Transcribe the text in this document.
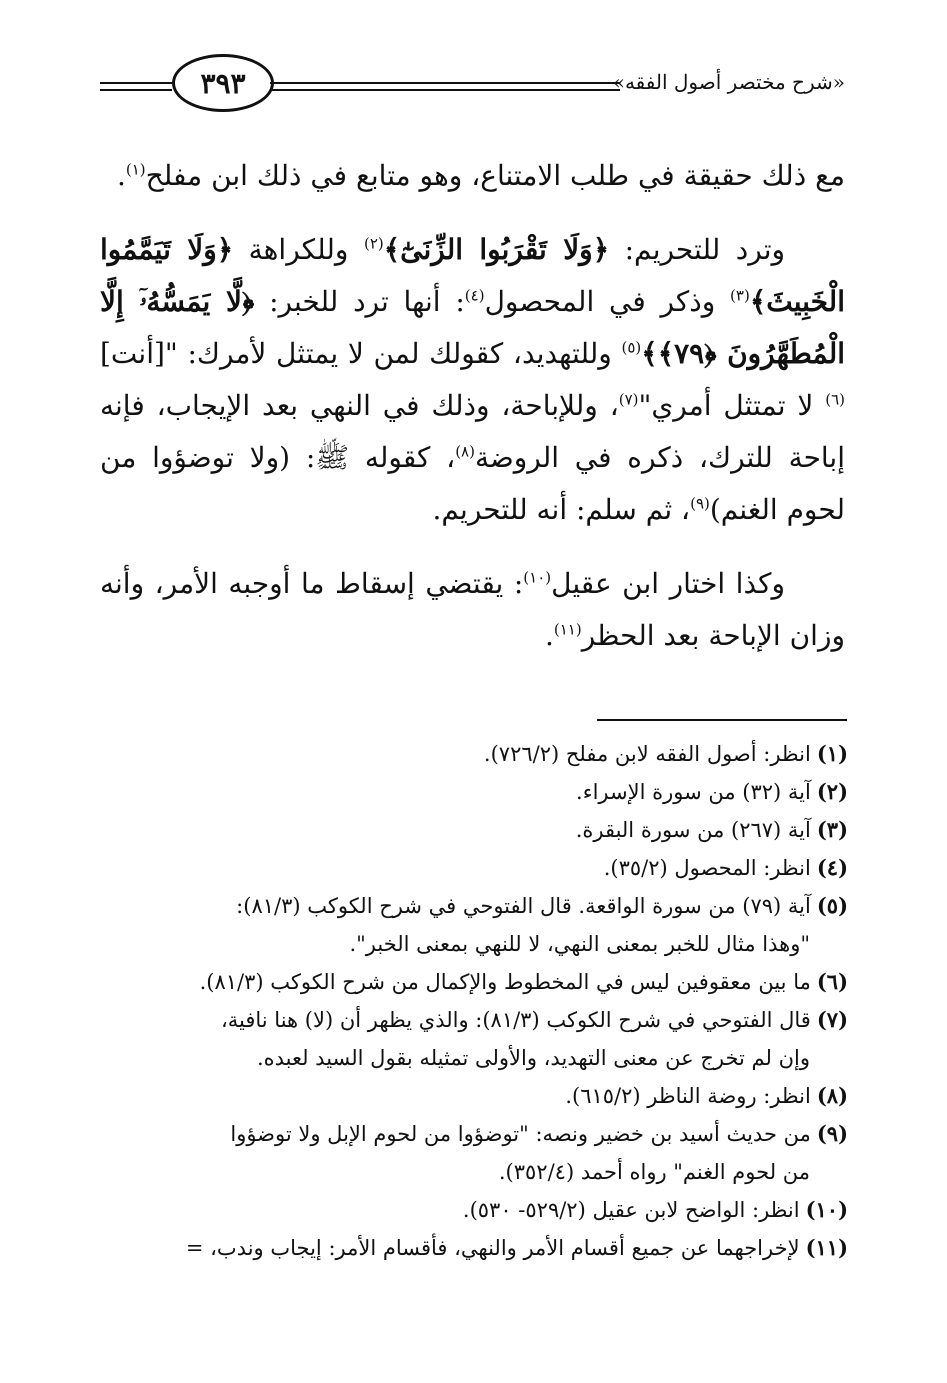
«شرح مختصر أصول الفقه»
٣٩٣

مع ذلك حقيقة في طلب الامتناع، وهو متابع في ذلك ابن مفلح$^{(١)}$.

وترد للتحريم: ﴿وَلَا تَقْرَبُوا الزِّنَىٰٓ﴾$^{(٢)}$ وللكراهة ﴿وَلَا تَيَمَّمُوا الْخَبِيثَ﴾$^{(٣)}$ وذكر في المحصول$^{(٤)}$: أنها ترد للخبر: ﴿لَّا يَمَسُّهُۥٓ إِلَّا الْمُطَهَّرُونَ ﴿٧٩﴾﴾$^{(٥)}$ وللتهديد، كقولك لمن لا يمتثل لأمرك: "[أنت]$^{(٦)}$ لا تمتثل أمري"$^{(٧)}$، وللإباحة، وذلك في النهي بعد الإيجاب، فإنه إباحة للترك، ذكره في الروضة$^{(٨)}$، كقوله ﷺ: (ولا توضؤوا من لحوم الغنم)$^{(٩)}$، ثم سلم: أنه للتحريم.

وكذا اختار ابن عقيل$^{(١٠)}$: يقتضي إسقاط ما أوجبه الأمر، وأنه وزان الإباحة بعد الحظر$^{(١١)}$.

(١)انظر: أصول الفقه لابن مفلح (٧٢٦/٢).

(٢)آية (٣٢) من سورة الإسراء.

(٣)آية (٢٦٧) من سورة البقرة.

(٤)انظر: المحصول (٣٥/٢).

(٥)آية (٧٩) من سورة الواقعة. قال الفتوحي في شرح الكوكب (٨١/٣):
"وهذا مثال للخبر بمعنى النهي، لا للنهي بمعنى الخبر".

(٦)ما بين معقوفين ليس في المخطوط والإكمال من شرح الكوكب (٨١/٣).

(٧)قال الفتوحي في شرح الكوكب (٨١/٣): والذي يظهر أن (لا) هنا نافية،
وإن لم تخرج عن معنى التهديد، والأولى تمثيله بقول السيد لعبده.

(٨)انظر: روضة الناظر (٦١٥/٢).

(٩)من حديث أسيد بن خضير ونصه: "توضؤوا من لحوم الإبل ولا توضؤوا
من لحوم الغنم" رواه أحمد (٣٥٢/٤).

(١٠)انظر: الواضح لابن عقيل (٥٢٩/٢- ٥٣٠).

(١١)لإخراجهما عن جميع أقسام الأمر والنهي، فأقسام الأمر: إيجاب وندب، =
